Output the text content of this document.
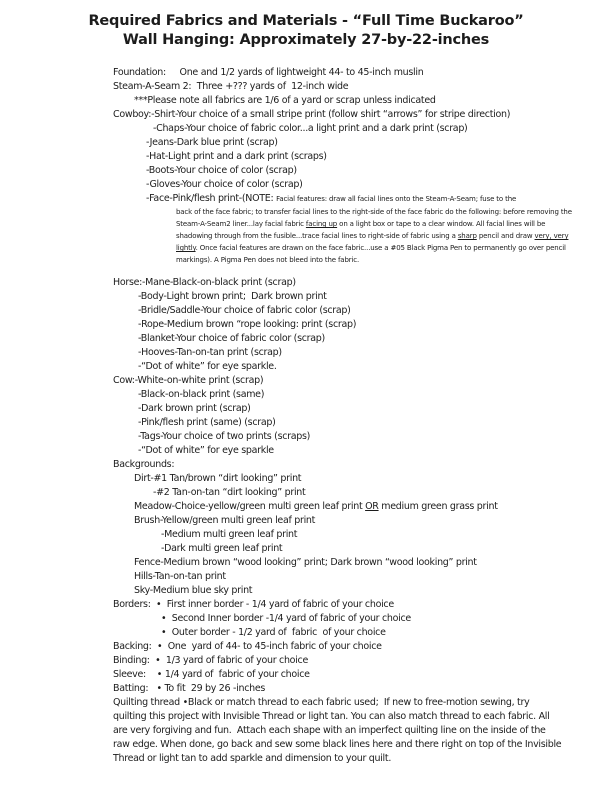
Required Fabrics and Materials - “Full Time Buckaroo”
Wall Hanging: Approximately 27-by-22-inches
Foundation:     One and 1/2 yards of lightweight 44- to 45-inch muslin
Steam-A-Seam 2:  Three +??? yards of  12-inch wide
***Please note all fabrics are 1/6 of a yard or scrap unless indicated
Cowboy:-Shirt-Your choice of a small stripe print (follow shirt “arrows” for stripe direction)
-Chaps-Your choice of fabric color...a light print and a dark print (scrap)
-Jeans-Dark blue print (scrap)
-Hat-Light print and a dark print (scraps)
-Boots-Your choice of color (scrap)
-Gloves-Your choice of color (scrap)
-Face-Pink/flesh print-(NOTE: Facial features: draw all facial lines onto the Steam-A-Seam; fuse to the
back of the face fabric; to transfer facial lines to the right-side of the face fabric do the following: before removing the
Steam-A-Seam2 liner...lay facial fabric facing up on a light box or tape to a clear window. All facial lines will be
shadowing through from the fusible...trace facial lines to right-side of fabric using a sharp pencil and draw very, very
lightly. Once facial features are drawn on the face fabric...use a #05 Black Pigma Pen to permanently go over pencil
markings). A Pigma Pen does not bleed into the fabric.
Horse:-Mane-Black-on-black print (scrap)
-Body-Light brown print;  Dark brown print
-Bridle/Saddle-Your choice of fabric color (scrap)
-Rope-Medium brown “rope looking: print (scrap)
-Blanket-Your choice of fabric color (scrap)
-Hooves-Tan-on-tan print (scrap)
-“Dot of white” for eye sparkle.
Cow:-White-on-white print (scrap)
-Black-on-black print (same)
-Dark brown print (scrap)
-Pink/flesh print (same) (scrap)
-Tags-Your choice of two prints (scraps)
-“Dot of white” for eye sparkle
Backgrounds:
Dirt-#1 Tan/brown “dirt looking” print
-#2 Tan-on-tan “dirt looking” print
Meadow-Choice-yellow/green multi green leaf print OR medium green grass print
Brush-Yellow/green multi green leaf print
-Medium multi green leaf print
-Dark multi green leaf print
Fence-Medium brown “wood looking” print; Dark brown “wood looking” print
Hills-Tan-on-tan print
Sky-Medium blue sky print
Borders:  •  First inner border - 1/4 yard of fabric of your choice
•  Second Inner border -1/4 yard of fabric of your choice
•  Outer border - 1/2 yard of  fabric  of your choice
Backing:  •  One  yard of 44- to 45-inch fabric of your choice
Binding:  •  1/3 yard of fabric of your choice
Sleeve:    • 1/4 yard of  fabric of your choice
Batting:   • To fit  29 by 26 -inches
Quilting thread •Black or match thread to each fabric used;  If new to free-motion sewing, try
quilting this project with Invisible Thread or light tan. You can also match thread to each fabric. All
are very forgiving and fun.  Attach each shape with an imperfect quilting line on the inside of the
raw edge. When done, go back and sew some black lines here and there right on top of the Invisible
Thread or light tan to add sparkle and dimension to your quilt.
